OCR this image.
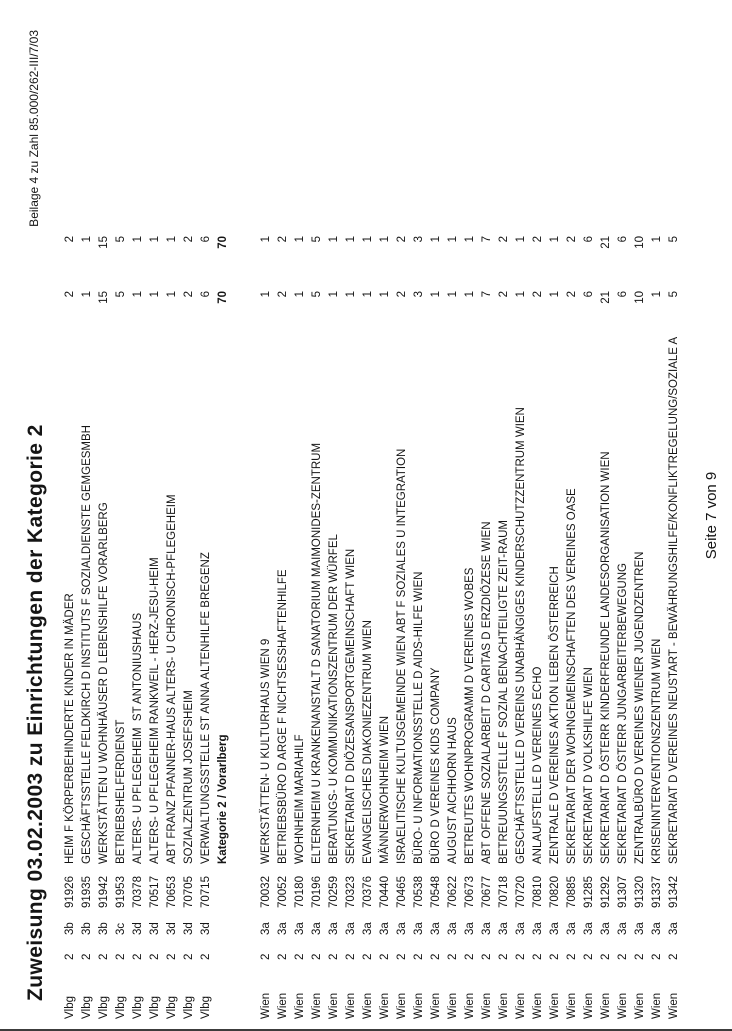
Zuweisung 03.02.2003 zu Einrichtungen der Kategorie 2
Beilage 4 zu Zahl 85.000/262-III/7/03
Vlbg
2
3b
91926
HEIM F KÖRPERBEHINDERTE KINDER IN MÄDER
2
2
Vlbg
2
3b
91935
GESCHÄFTSSTELLE FELDKIRCH D INSTITUTS F SOZIALDIENSTE GEMGESMBH
1
1
Vlbg
2
3b
91942
WERKSTÄTTEN U WOHNHÄUSER D LEBENSHILFE VORARLBERG
15
15
Vlbg
2
3c
91953
BETRIEBSHELFERDIENST
5
5
Vlbg
2
3d
70378
ALTERS- U PFLEGEHEIM  ST ANTONIUSHAUS
1
1
Vlbg
2
3d
70517
ALTERS- U PFLEGEHEIM RANKWEIL - HERZ-JESU-HEIM
1
1
Vlbg
2
3d
70653
ABT FRANZ PFANNER-HAUS ALTERS- U CHRONISCH-PFLEGEHEIM
1
1
Vlbg
2
3d
70705
SOZIALZENTRUM JOSEFSHEIM
2
2
Vlbg
2
3d
70715
VERWALTUNGSSTELLE ST ANNA ALTENHILFE BREGENZ
6
6
Kategorie 2 / Vorarlberg
70
70
Wien
2
3a
70032
WERKSTÄTTEN- U KULTURHAUS WIEN 9
1
1
Wien
2
3a
70052
BETRIEBSBÜRO D ARGE F NICHTSESSHAFTENHILFE
2
2
Wien
2
3a
70180
WOHNHEIM MARIAHILF
1
1
Wien
2
3a
70196
ELTERNHEIM U KRANKENANSTALT D SANATORIUM MAIMONIDES-ZENTRUM
5
5
Wien
2
3a
70259
BERATUNGS- U KOMMUNIKATIONSZENTRUM DER WÜRFEL
1
1
Wien
2
3a
70323
SEKRETARIAT D DIÖZESANSPORTGEMEINSCHAFT WIEN
1
1
Wien
2
3a
70376
EVANGELISCHES DIAKONIEZENTRUM WIEN
1
1
Wien
2
3a
70440
MÄNNERWOHNHEIM WIEN
1
1
Wien
2
3a
70465
ISRAELITISCHE KULTUSGEMEINDE WIEN ABT F SOZIALES U INTEGRATION
2
2
Wien
2
3a
70538
BÜRO- U INFORMATIONSSTELLE D AIDS-HILFE WIEN
3
3
Wien
2
3a
70548
BÜRO D VEREINES KIDS COMPANY
1
1
Wien
2
3a
70622
AUGUST AICHHORN HAUS
1
1
Wien
2
3a
70673
BETREUTES WOHNPROGRAMM D VEREINES WOBES
1
1
Wien
2
3a
70677
ABT OFFENE SOZIALARBEIT D CARITAS D ERZDIÖZESE WIEN
7
7
Wien
2
3a
70718
BETREUUNGSSTELLE F SOZIAL BENACHTEILIGTE ZEIT-RAUM
2
2
Wien
2
3a
70720
GESCHÄFTSSTELLE D VEREINS UNABHÄNGIGES KINDERSCHUTZZENTRUM WIEN
1
1
Wien
2
3a
70810
ANLAUFSTELLE D VEREINES ECHO
2
2
Wien
2
3a
70820
ZENTRALE D VEREINES AKTION LEBEN ÖSTERREICH
1
1
Wien
2
3a
70885
SEKRETARIAT DER WOHNGEMEINSCHAFTEN DES VEREINES OASE
2
2
Wien
2
3a
91285
SEKRETARIAT D VOLKSHILFE WIEN
6
6
Wien
2
3a
91292
SEKRETARIAT D ÖSTERR KINDERFREUNDE LANDESORGANISATION WIEN
21
21
Wien
2
3a
91307
SEKRETARIAT D ÖSTERR JUNGARBEITERBEWEGUNG
6
6
Wien
2
3a
91320
ZENTRALBÜRO D VEREINES WIENER JUGENDZENTREN
10
10
Wien
2
3a
91337
KRISENINTERVENTIONSZENTRUM WIEN
1
1
Wien
2
3a
91342
SEKRETARIAT D VEREINES NEUSTART - BEWÄHRUNGSHILFE/KONFLIKTREGELUNG/SOZIALE A
5
5
Seite 7 von 9
